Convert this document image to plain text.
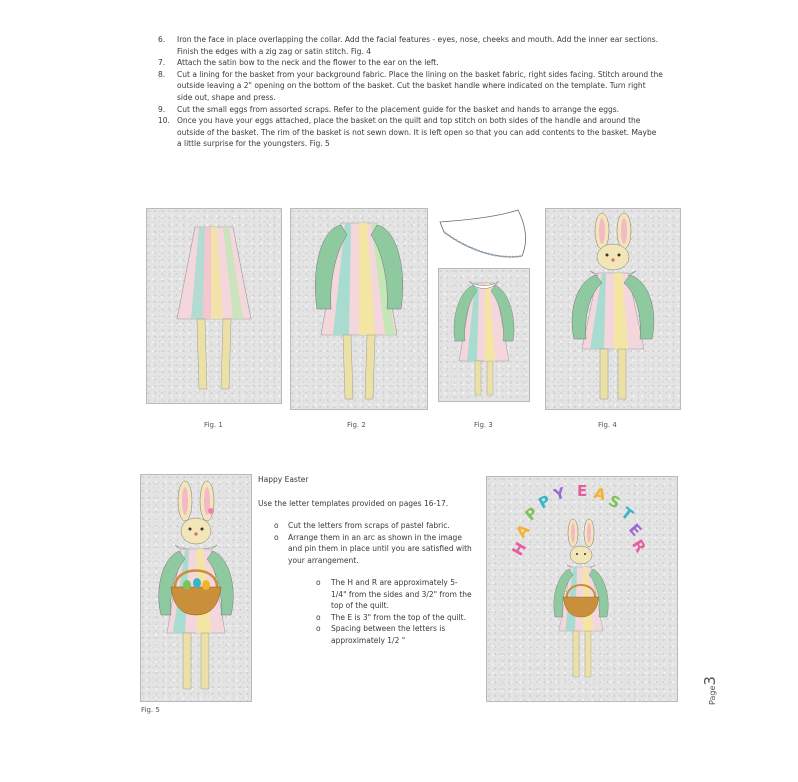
6.	Iron the face in place overlapping the collar. Add the facial features - eyes, nose, cheeks and mouth. Add the inner ear sections. Finish the edges with a zig zag or satin stitch. Fig. 4
7.	Attach the satin bow to the neck and the flower to the ear on the left.
8.	Cut a lining for the basket from your background fabric. Place the lining on the basket fabric, right sides facing. Stitch around the outside leaving a 2" opening on the bottom of the basket. Cut the basket handle where indicated on the template. Turn right side out, shape and press.
9.	Cut the small eggs from assorted scraps. Refer to the placement guide for the basket and hands to arrange the eggs.
10. Once you have your eggs attached, place the basket on the quilt and top stitch on both sides of the handle and around the outside of the basket. The rim of the basket is not sewn down. It is left open so that you can add contents to the basket. Maybe a little surprise for the youngsters. Fig. 5
Fig. 1	Fig. 2	Fig. 3	Fig. 4
Fig. 5
Happy Easter
Use the letter templates provided on pages 16-17.
o	Cut the letters from scraps of pastel fabric.
o	Arrange them in an arc as shown in the image and pin them in place until you are satisfied with your arrangement.
o	The H and R are approximately 5-1/4" from the sides and 3/2" from the top of the quilt.
o	The E is 3" from the top of the quilt.
o	Spacing between the letters is approximately 1/2 "
H
A
P
P
Y E A
S
T
E
R
Page3
